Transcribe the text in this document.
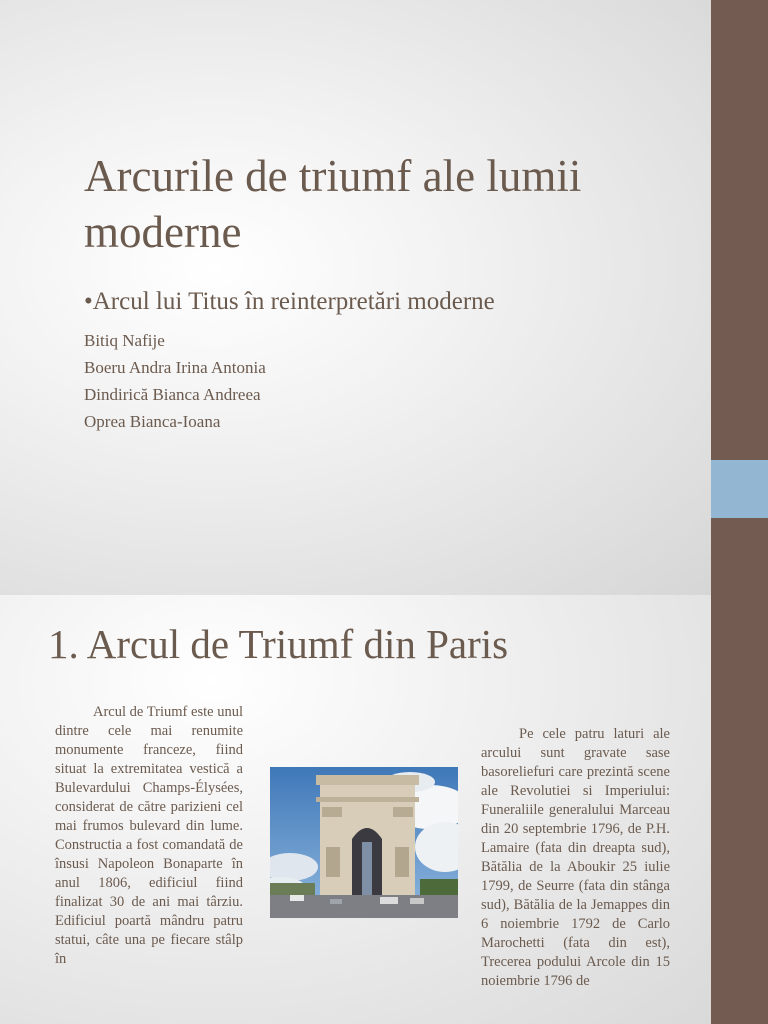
Arcurile de triumf ale lumii moderne
•Arcul lui Titus în reinterpretări moderne
Bitiq Nafije
Boeru Andra Irina Antonia
Dindirică Bianca Andreea
Oprea Bianca-Ioana
1. Arcul de Triumf din Paris
Arcul de Triumf este unul dintre cele mai renumite monumente franceze, fiind situat la extremitatea vestică a Bulevardului Champs-Élysées, considerat de către parizieni cel mai frumos bulevard din lume. Constructia a fost comandată de însusi Napoleon Bonaparte în anul 1806, edificiul fiind finalizat 30 de ani mai târziu. Edificiul poartă mândru patru statui, câte una pe fiecare stâlp în
Pe cele patru laturi ale arcului sunt gravate sase basoreliefuri care prezintă scene ale Revolutiei si Imperiului: Funeraliile generalului Marceau din 20 septembrie 1796, de P.H. Lamaire (fata din dreapta sud), Bătălia de la Aboukir 25 iulie 1799, de Seurre (fata din stânga sud), Bătălia de la Jemappes din 6 noiembrie 1792 de Carlo Marochetti (fata din est), Trecerea podului Arcole din 15 noiembrie 1796 de
